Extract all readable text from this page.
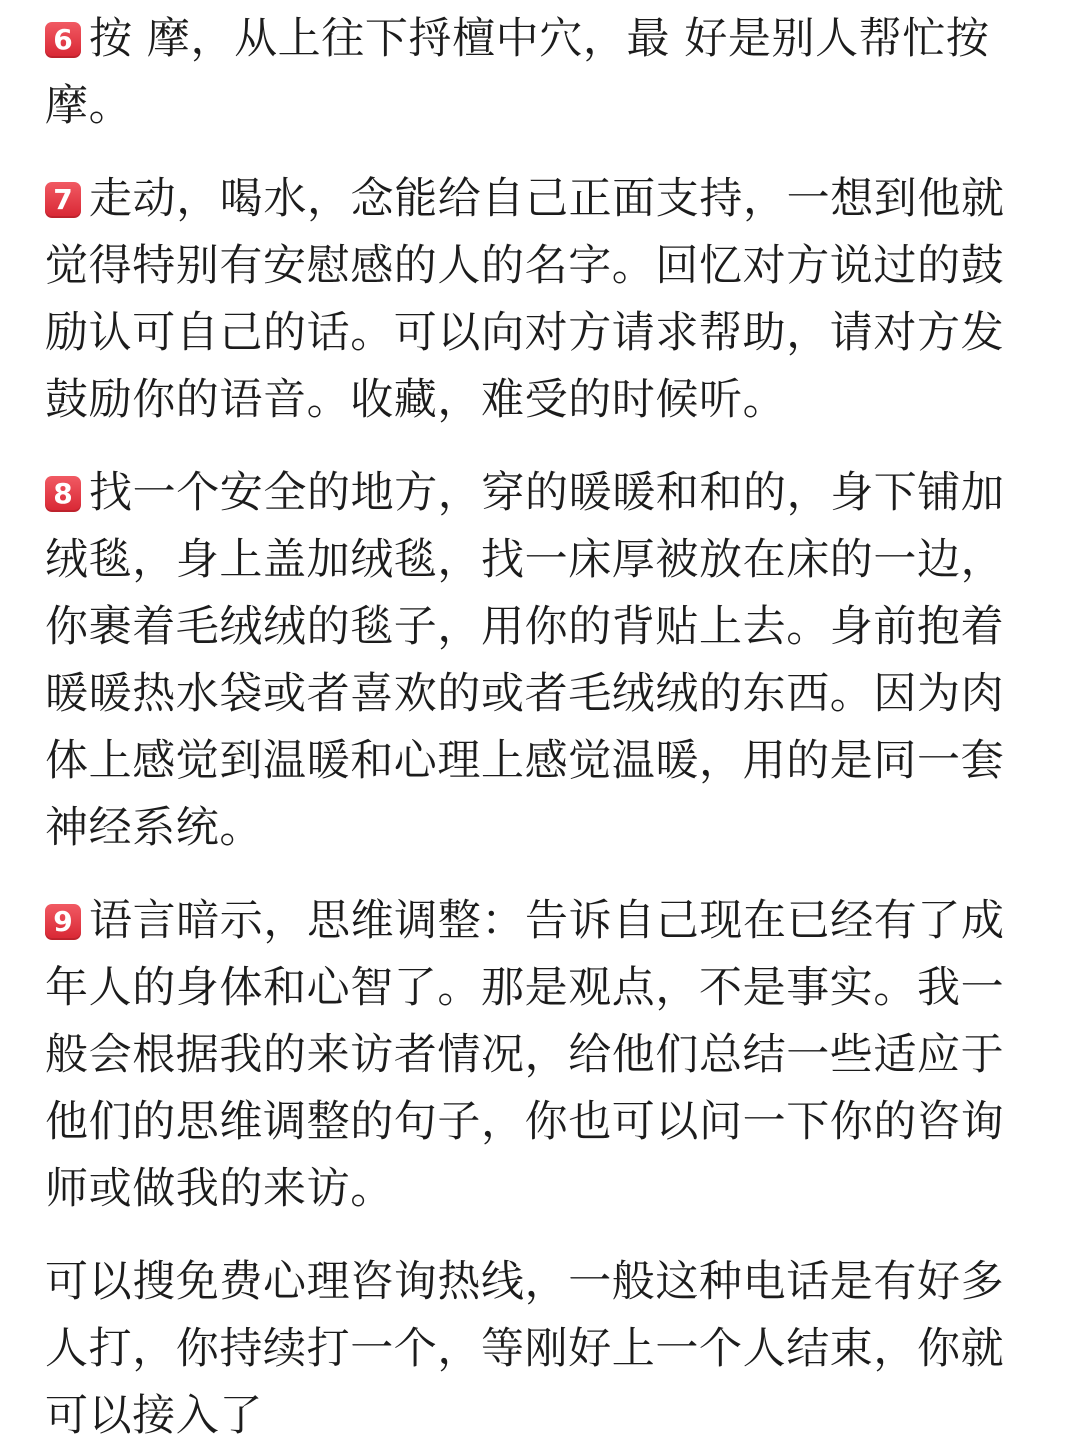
6 按 摩，从上往下捋檀中穴，最 好是别人帮忙按 摩。

7 走动，喝水，念能给自己正面支持，一想到他就觉得特别有安慰感的人的名字。回忆对方说过的鼓励认可自己的话。可以向对方请求帮助，请对方发鼓励你的语音。收藏，难受的时候听。

8 找一个安全的地方，穿的暖暖和和的，身下铺加绒毯，身上盖加绒毯，找一床厚被放在床的一边，你裹着毛绒绒的毯子，用你的背贴上去。身前抱着暖暖热水袋或者喜欢的或者毛绒绒的东西。因为肉体上感觉到温暖和心理上感觉温暖，用的是同一套神经系统。

9 语言暗示，思维调整：告诉自己现在已经有了成年人的身体和心智了。那是观点，不是事实。我一般会根据我的来访者情况，给他们总结一些适应于他们的思维调整的句子，你也可以问一下你的咨询师或做我的来访。

可以搜免费心理咨询热线，一般这种电话是有好多人打，你持续打一个，等刚好上一个人结束，你就可以接入了
